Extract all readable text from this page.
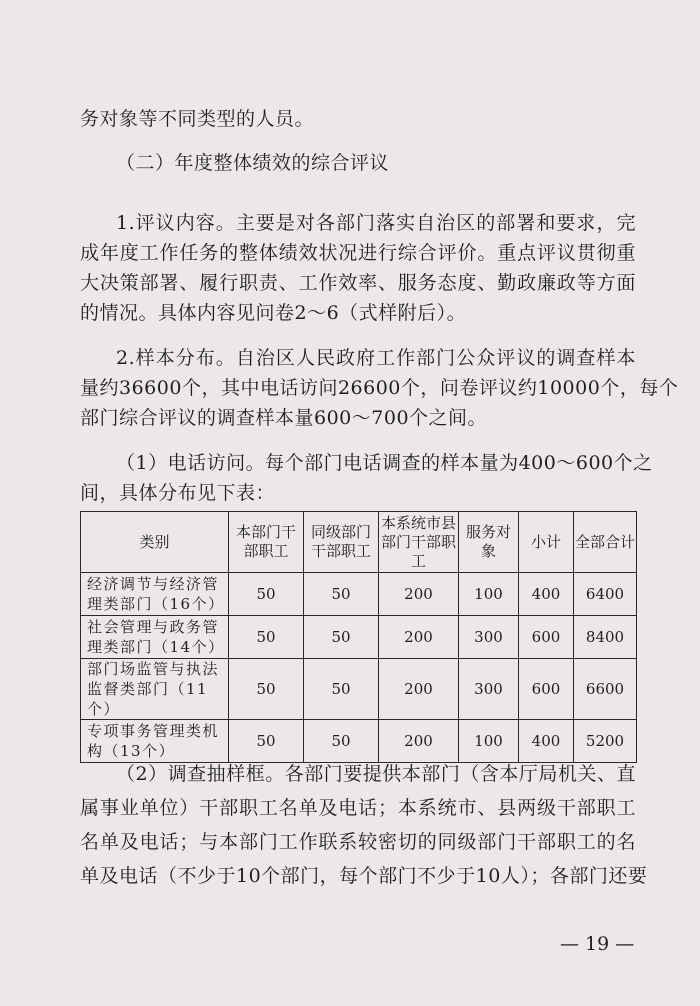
务对象等不同类型的人员。
（二）年度整体绩效的综合评议
1.评议内容。主要是对各部门落实自治区的部署和要求，完
成年度工作任务的整体绩效状况进行综合评价。重点评议贯彻重
大决策部署、履行职责、工作效率、服务态度、勤政廉政等方面
的情况。具体内容见问卷2～6（式样附后）。
2.样本分布。自治区人民政府工作部门公众评议的调查样本
量约36600个，其中电话访问26600个，问卷评议约10000个，每个
部门综合评议的调查样本量600～700个之间。
（1）电话访问。每个部门电话调查的样本量为400～600个之
间，具体分布见下表：
类别	本部门干部职工	同级部门干部职工	本系统市县部门干部职工	服务对象	小计	全部合计
经济调节与经济管理类部门（16个）	50	50	200	100	400	6400
社会管理与政务管理类部门（14个）	50	50	200	300	600	8400
部门场监管与执法监督类部门（11个）	50	50	200	300	600	6600
专项事务管理类机构（13个）	50	50	200	100	400	5200
（2）调查抽样框。各部门要提供本部门（含本厅局机关、直
属事业单位）干部职工名单及电话；本系统市、县两级干部职工
名单及电话；与本部门工作联系较密切的同级部门干部职工的名
单及电话（不少于10个部门，每个部门不少于10人）；各部门还要
— 19 —
